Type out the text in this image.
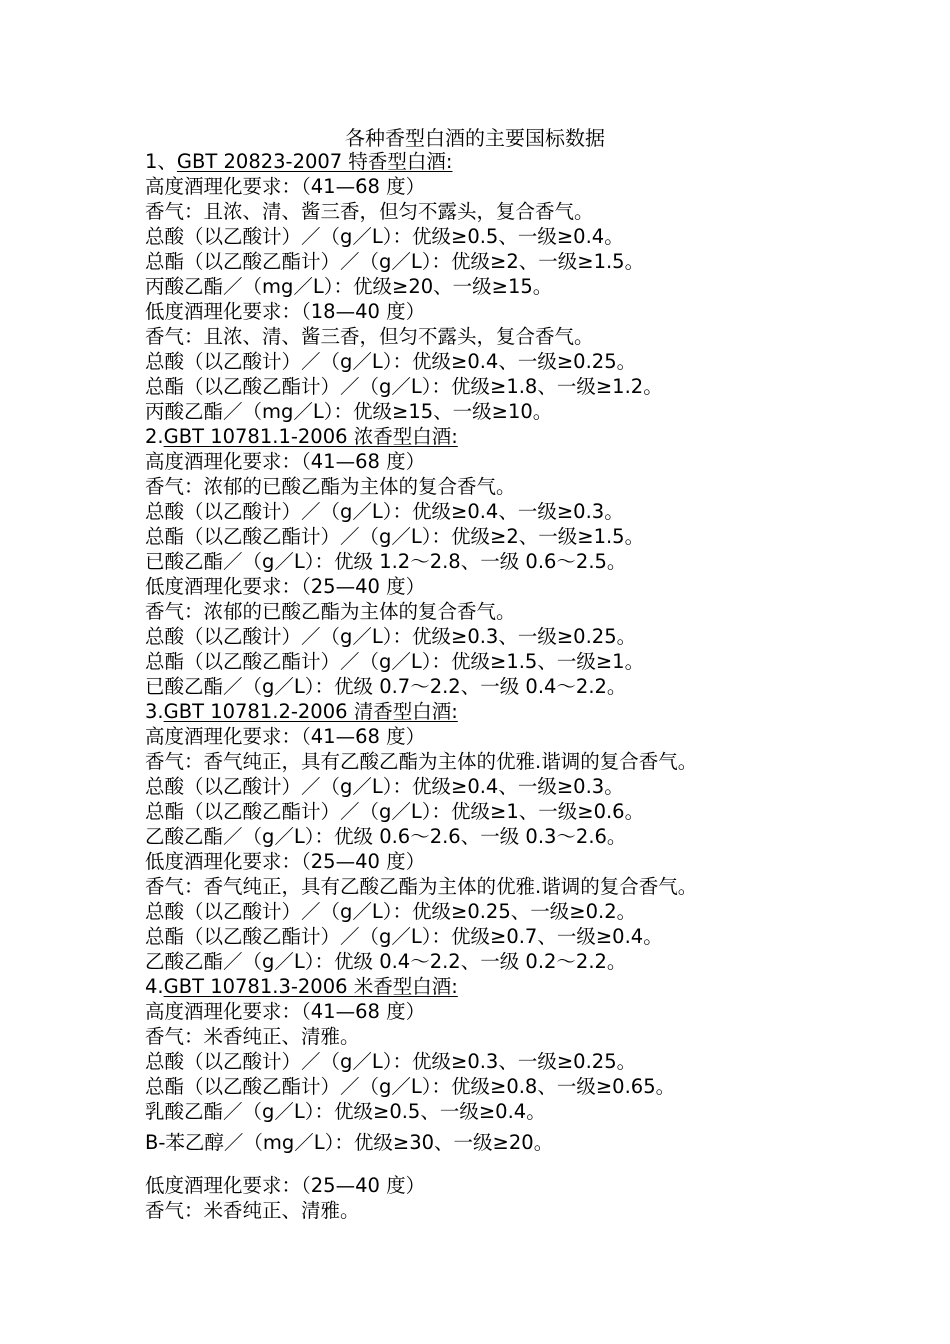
各种香型白酒的主要国标数据
1、GBT 20823-2007 特香型白酒:
高度酒理化要求：（41—68 度）
香气：且浓、清、酱三香，但匀不露头，复合香气。
总酸（以乙酸计）／（g／L）：优级≥0.5、一级≥0.4。
总酯（以乙酸乙酯计）／（g／L）：优级≥2、一级≥1.5。
丙酸乙酯／（mg／L）：优级≥20、一级≥15。
低度酒理化要求：（18—40 度）
香气：且浓、清、酱三香，但匀不露头，复合香气。
总酸（以乙酸计）／（g／L）：优级≥0.4、一级≥0.25。
总酯（以乙酸乙酯计）／（g／L）：优级≥1.8、一级≥1.2。
丙酸乙酯／（mg／L）：优级≥15、一级≥10。
2.GBT 10781.1-2006 浓香型白酒:
高度酒理化要求：（41—68 度）
香气：浓郁的已酸乙酯为主体的复合香气。
总酸（以乙酸计）／（g／L）：优级≥0.4、一级≥0.3。
总酯（以乙酸乙酯计）／（g／L）：优级≥2、一级≥1.5。
已酸乙酯／（g／L）：优级 1.2～2.8、一级 0.6～2.5。
低度酒理化要求：（25—40 度）
香气：浓郁的已酸乙酯为主体的复合香气。
总酸（以乙酸计）／（g／L）：优级≥0.3、一级≥0.25。
总酯（以乙酸乙酯计）／（g／L）：优级≥1.5、一级≥1。
已酸乙酯／（g／L）：优级 0.7～2.2、一级 0.4～2.2。
3.GBT 10781.2-2006 清香型白酒:
高度酒理化要求：（41—68 度）
香气：香气纯正，具有乙酸乙酯为主体的优雅.谐调的复合香气。
总酸（以乙酸计）／（g／L）：优级≥0.4、一级≥0.3。
总酯（以乙酸乙酯计）／（g／L）：优级≥1、一级≥0.6。
乙酸乙酯／（g／L）：优级 0.6～2.6、一级 0.3～2.6。
低度酒理化要求：（25—40 度）
香气：香气纯正，具有乙酸乙酯为主体的优雅.谐调的复合香气。
总酸（以乙酸计）／（g／L）：优级≥0.25、一级≥0.2。
总酯（以乙酸乙酯计）／（g／L）：优级≥0.7、一级≥0.4。
乙酸乙酯／（g／L）：优级 0.4～2.2、一级 0.2～2.2。
4.GBT 10781.3-2006 米香型白酒:
高度酒理化要求：（41—68 度）
香气：米香纯正、清雅。
总酸（以乙酸计）／（g／L）：优级≥0.3、一级≥0.25。
总酯（以乙酸乙酯计）／（g／L）：优级≥0.8、一级≥0.65。
乳酸乙酯／（g／L）：优级≥0.5、一级≥0.4。
B-苯乙醇／（mg／L）：优级≥30、一级≥20。
低度酒理化要求：（25—40 度）
香气：米香纯正、清雅。
